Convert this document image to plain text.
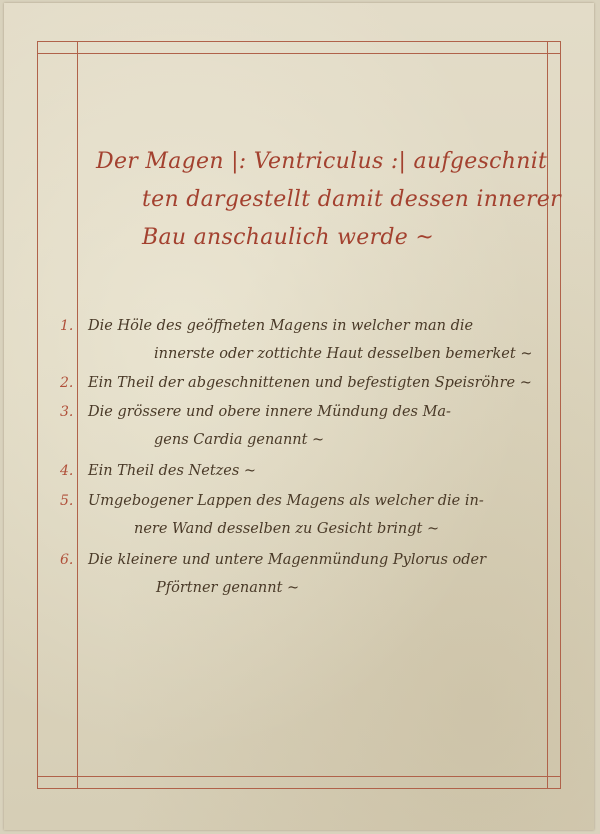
Der Magen |: Ventriculus :| aufgeschnit
ten dargestellt damit dessen innerer
Bau anschaulich werde ~
1.	Die Höle des geöffneten Magens in welcher man die
innerste oder zottichte Haut desselben bemerket ~
2.	Ein Theil der abgeschnittenen und befestigten Speisröhre ~
3.	Die grössere und obere innere Mündung des Ma-
gens Cardia genannt ~
4.	Ein Theil des Netzes ~
5.	Umgebogener Lappen des Magens als welcher die in-
nere Wand desselben zu Gesicht bringt ~
6.	Die kleinere und untere Magenmündung Pylorus oder
Pförtner genannt ~
